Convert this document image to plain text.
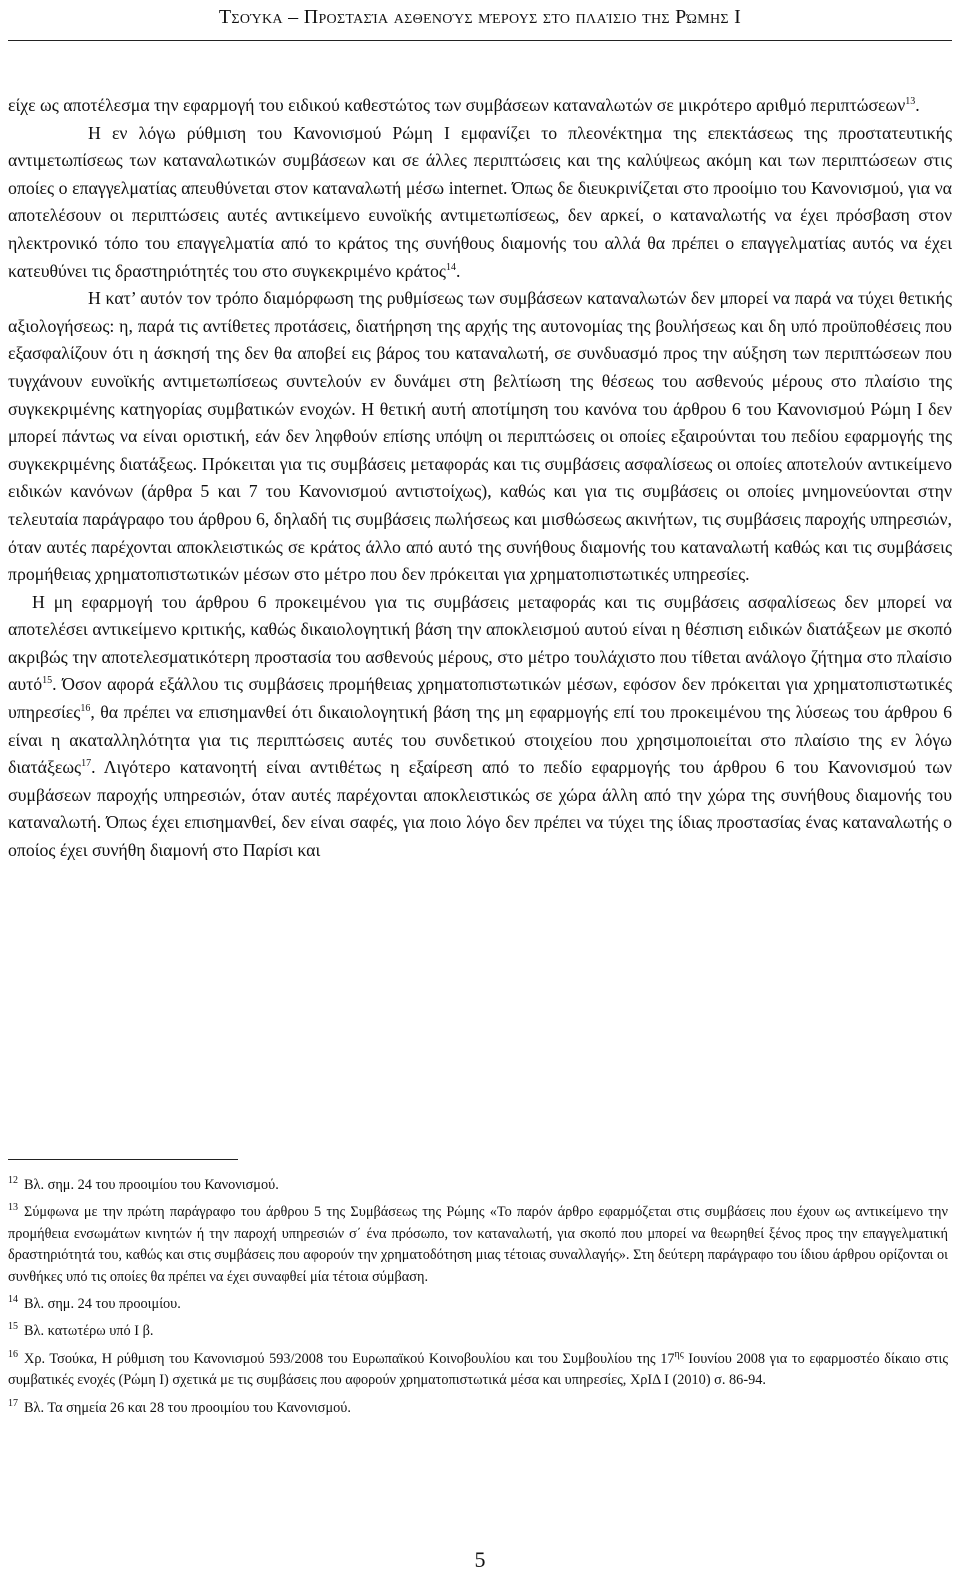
Τσούκα – Προστασία ασθενούς μέρους στο πλαίσιο της Ρώμης Ι

είχε ως αποτέλεσμα την εφαρμογή του ειδικού καθεστώτος των συμβάσεων καταναλωτών σε μικρότερο αριθμό περιπτώσεων$^{13}$.

Η εν λόγω ρύθμιση του Κανονισμού Ρώμη Ι εμφανίζει το πλεονέκτημα της επεκτάσεως της προστατευτικής αντιμετωπίσεως των καταναλωτικών συμβάσεων και σε άλλες περιπτώσεις και της καλύψεως ακόμη και των περιπτώσεων στις οποίες ο επαγγελματίας απευθύνεται στον καταναλωτή μέσω internet. Όπως δε διευκρινίζεται στο προοίμιο του Κανονισμού, για να αποτελέσουν οι περιπτώσεις αυτές αντικείμενο ευνοϊκής αντιμετωπίσεως, δεν αρκεί, ο καταναλωτής να έχει πρόσβαση στον ηλεκτρονικό τόπο του επαγγελματία από το κράτος της συνήθους διαμονής του αλλά θα πρέπει ο επαγγελματίας αυτός να έχει κατευθύνει τις δραστηριότητές του στο συγκεκριμένο κράτος$^{14}$.

Η κατ’ αυτόν τον τρόπο διαμόρφωση της ρυθμίσεως των συμβάσεων καταναλωτών δεν μπορεί να παρά να τύχει θετικής αξιολογήσεως: η, παρά τις αντίθετες προτάσεις, διατήρηση της αρχής της αυτονομίας της βουλήσεως και δη υπό προϋποθέσεις που εξασφαλίζουν ότι η άσκησή της δεν θα αποβεί εις βάρος του καταναλωτή, σε συνδυασμό προς την αύξηση των περιπτώσεων που τυγχάνουν ευνοϊκής αντιμετωπίσεως συντελούν εν δυνάμει στη βελτίωση της θέσεως του ασθενούς μέρους στο πλαίσιο της συγκεκριμένης κατηγορίας συμβατικών ενοχών. Η θετική αυτή αποτίμηση του κανόνα του άρθρου 6 του Κανονισμού Ρώμη Ι δεν μπορεί πάντως να είναι οριστική, εάν δεν ληφθούν επίσης υπόψη οι περιπτώσεις οι οποίες εξαιρούνται του πεδίου εφαρμογής της συγκεκριμένης διατάξεως. Πρόκειται για τις συμβάσεις μεταφοράς και τις συμβάσεις ασφαλίσεως οι οποίες αποτελούν αντικείμενο ειδικών κανόνων (άρθρα 5 και 7 του Κανονισμού αντιστοίχως), καθώς και για τις συμβάσεις οι οποίες μνημονεύονται στην τελευταία παράγραφο του άρθρου 6, δηλαδή τις συμβάσεις πωλήσεως και μισθώσεως ακινήτων, τις συμβάσεις παροχής υπηρεσιών, όταν αυτές παρέχονται αποκλειστικώς σε κράτος άλλο από αυτό της συνήθους διαμονής του καταναλωτή καθώς και τις συμβάσεις προμήθειας χρηματοπιστωτικών μέσων στο μέτρο που δεν πρόκειται για χρηματοπιστωτικές υπηρεσίες.

Η μη εφαρμογή του άρθρου 6 προκειμένου για τις συμβάσεις μεταφοράς και τις συμβάσεις ασφαλίσεως δεν μπορεί να αποτελέσει αντικείμενο κριτικής, καθώς δικαιολογητική βάση την αποκλεισμού αυτού είναι η θέσπιση ειδικών διατάξεων με σκοπό ακριβώς την αποτελεσματικότερη προστασία του ασθενούς μέρους, στο μέτρο τουλάχιστο που τίθεται ανάλογο ζήτημα στο πλαίσιο αυτό$^{15}$. Όσον αφορά εξάλλου τις συμβάσεις προμήθειας χρηματοπιστωτικών μέσων, εφόσον δεν πρόκειται για χρηματοπιστωτικές υπηρεσίες$^{16}$, θα πρέπει να επισημανθεί ότι δικαιολογητική βάση της μη εφαρμογής επί του προκειμένου της λύσεως του άρθρου 6 είναι η ακαταλληλότητα για τις περιπτώσεις αυτές του συνδετικού στοιχείου που χρησιμοποιείται στο πλαίσιο της εν λόγω διατάξεως$^{17}$. Λιγότερο κατανοητή είναι αντιθέτως η εξαίρεση από το πεδίο εφαρμογής του άρθρου 6 του Κανονισμού των συμβάσεων παροχής υπηρεσιών, όταν αυτές παρέχονται αποκλειστικώς σε χώρα άλλη από την χώρα της συνήθους διαμονής του καταναλωτή. Όπως έχει επισημανθεί, δεν είναι σαφές, για ποιο λόγο δεν πρέπει να τύχει της ίδιας προστασίας ένας καταναλωτής ο οποίος έχει συνήθη διαμονή στο Παρίσι και

$^{12}$ Βλ. σημ. 24 του προοιμίου του Κανονισμού.

$^{13}$ Σύμφωνα με την πρώτη παράγραφο του άρθρου 5 της Συμβάσεως της Ρώμης «Το παρόν άρθρο εφαρμόζεται στις συμβάσεις που έχουν ως αντικείμενο την προμήθεια ενσωμάτων κινητών ή την παροχή υπηρεσιών σ΄ ένα πρόσωπο, τον καταναλωτή, για σκοπό που μπορεί να θεωρηθεί ξένος προς την επαγγελματική δραστηριότητά του, καθώς και στις συμβάσεις που αφορούν την χρηματοδότηση μιας τέτοιας συναλλαγής». Στη δεύτερη παράγραφο του ίδιου άρθρου ορίζονται οι συνθήκες υπό τις οποίες θα πρέπει να έχει συναφθεί μία τέτοια σύμβαση.

$^{14}$ Βλ. σημ. 24 του προοιμίου.

$^{15}$ Βλ. κατωτέρω υπό Ι β.

$^{16}$ Χρ. Τσούκα, Η ρύθμιση του Κανονισμού 593/2008 του Ευρωπαϊκού Κοινοβουλίου και του Συμβουλίου της $17^{\eta\varsigma}$ Ιουνίου 2008 για το εφαρμοστέο δίκαιο στις συμβατικές ενοχές (Ρώμη Ι) σχετικά με τις συμβάσεις που αφορούν χρηματοπιστωτικά μέσα και υπηρεσίες, ΧρΙΔ Ι (2010) σ. 86-94.

$^{17}$ Βλ. Τα σημεία 26 και 28 του προοιμίου του Κανονισμού.

5
